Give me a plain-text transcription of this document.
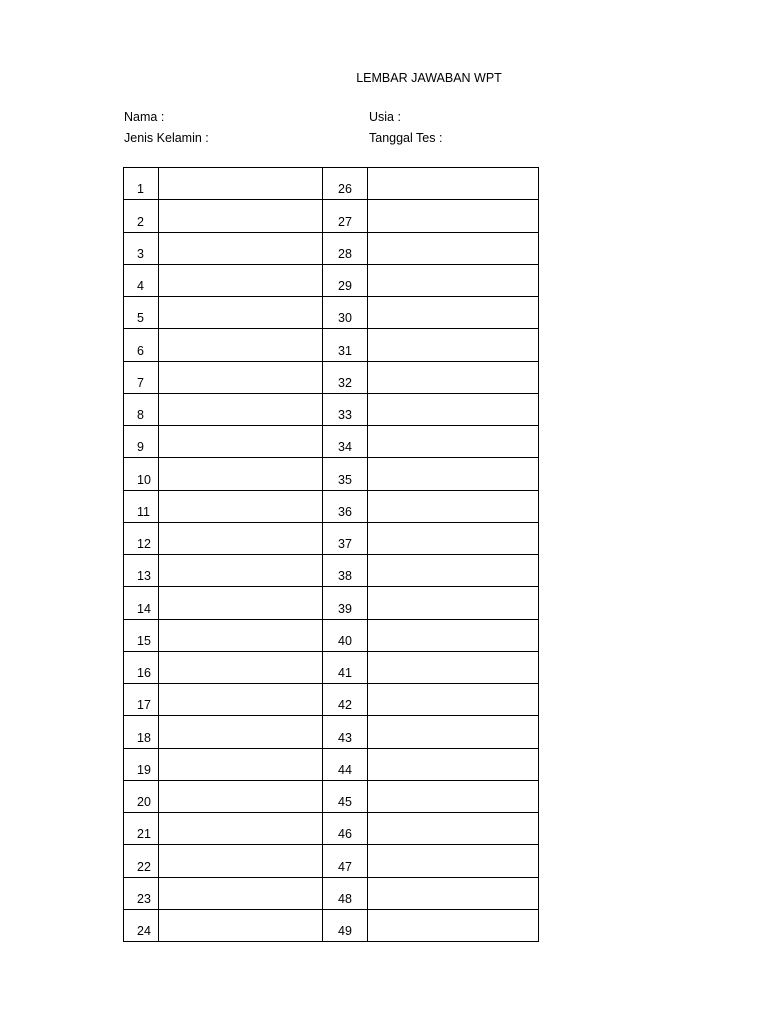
LEMBAR JAWABAN WPT
Nama :
Jenis Kelamin :
Usia :
Tanggal Tes :
1		26	
2		27	
3		28	
4		29	
5		30	
6		31	
7		32	
8		33	
9		34	
10		35	
11		36	
12		37	
13		38	
14		39	
15		40	
16		41	
17		42	
18		43	
19		44	
20		45	
21		46	
22		47	
23		48	
24		49	
